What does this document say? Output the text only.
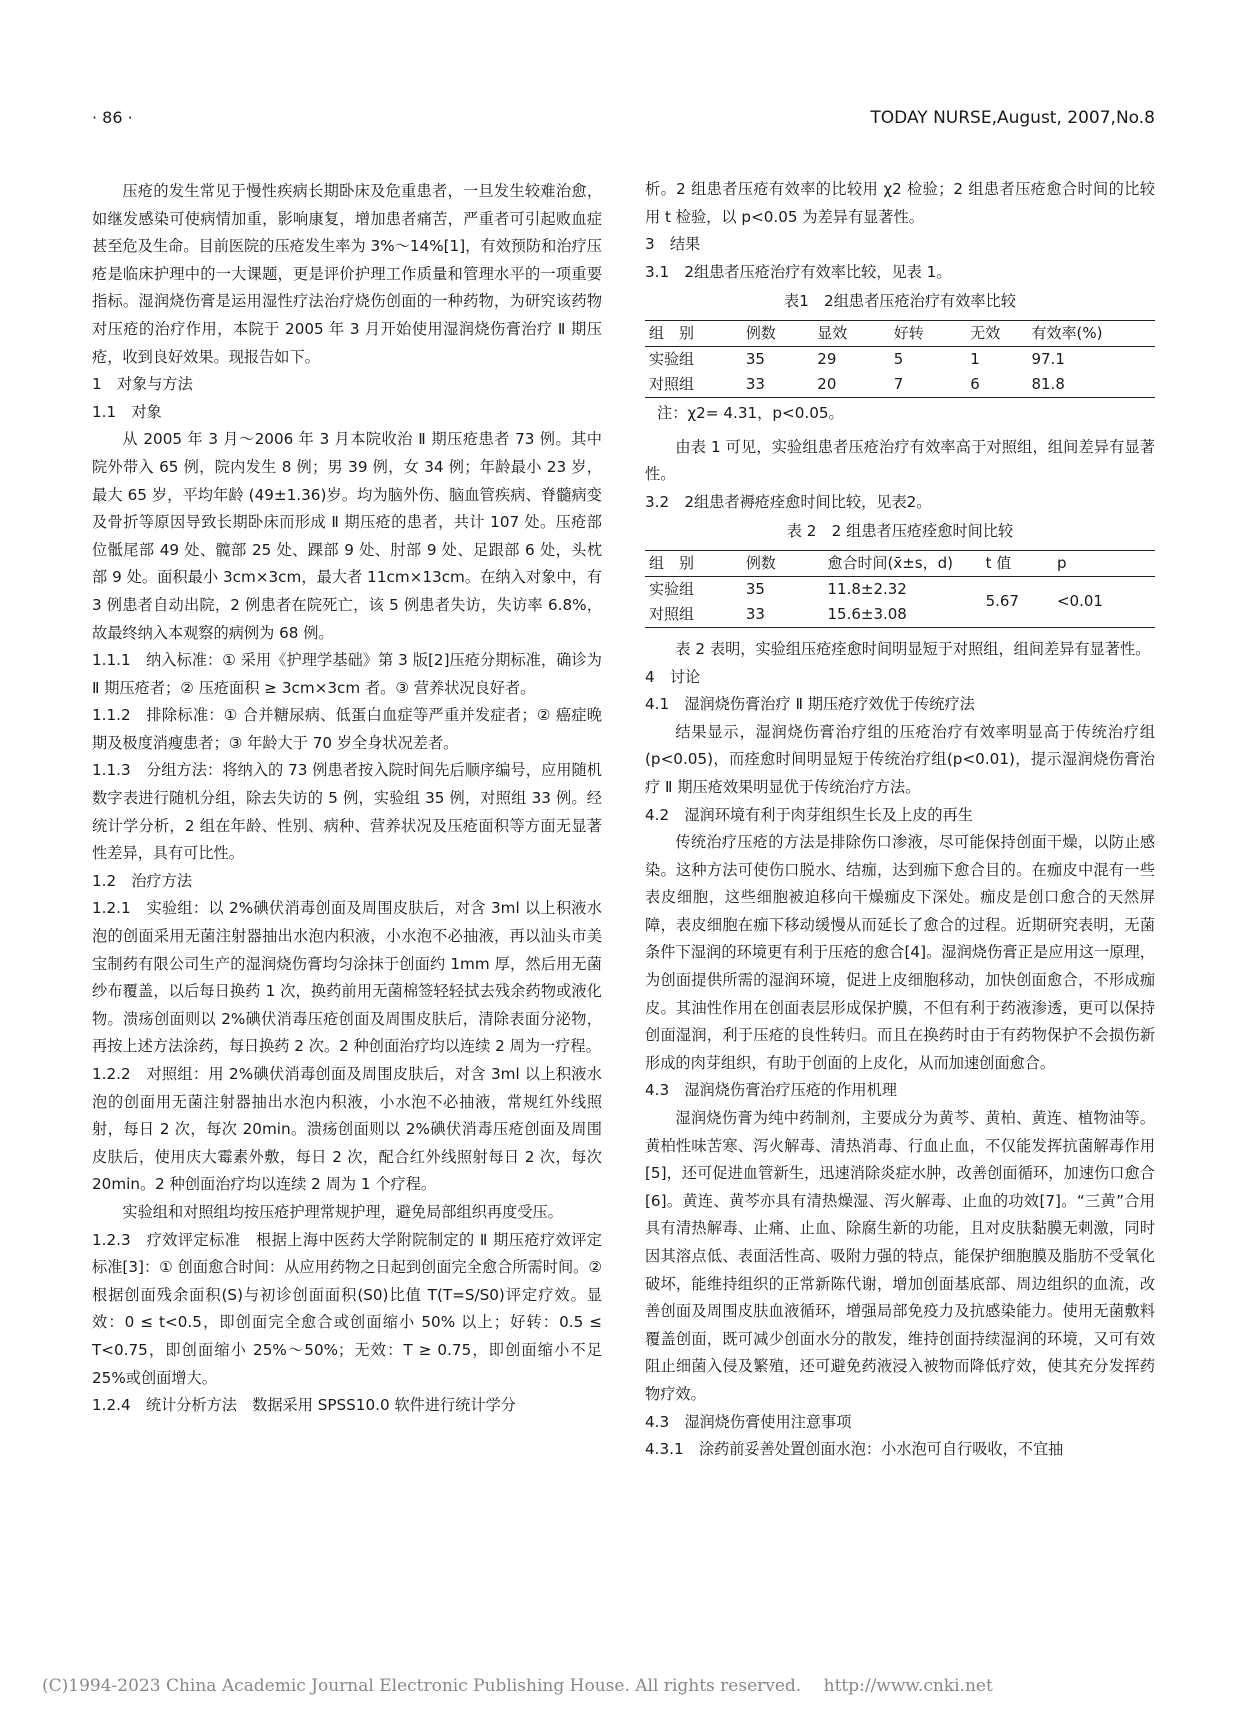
· 86 ·	TODAY NURSE,August, 2007,No.8

压疮的发生常见于慢性疾病长期卧床及危重患者，一旦发生较难治愈，如继发感染可使病情加重，影响康复，增加患者痛苦，严重者可引起败血症甚至危及生命。目前医院的压疮发生率为 3%～14%[1]，有效预防和治疗压疮是临床护理中的一大课题，更是评价护理工作质量和管理水平的一项重要指标。湿润烧伤膏是运用湿性疗法治疗烧伤创面的一种药物，为研究该药物对压疮的治疗作用，本院于 2005 年 3 月开始使用湿润烧伤膏治疗 Ⅱ 期压疮，收到良好效果。现报告如下。

1　对象与方法

1.1　对象

从 2005 年 3 月～2006 年 3 月本院收治 Ⅱ 期压疮患者 73 例。其中院外带入 65 例，院内发生 8 例；男 39 例，女 34 例；年龄最小 23 岁，最大 65 岁，平均年龄 (49±1.36)岁。均为脑外伤、脑血管疾病、脊髓病变及骨折等原因导致长期卧床而形成 Ⅱ 期压疮的患者，共计 107 处。压疮部位骶尾部 49 处、髋部 25 处、踝部 9 处、肘部 9 处、足跟部 6 处，头枕部 9 处。面积最小 3cm×3cm，最大者 11cm×13cm。在纳入对象中，有 3 例患者自动出院，2 例患者在院死亡，该 5 例患者失访，失访率 6.8%，故最终纳入本观察的病例为 68 例。

1.1.1　纳入标准：① 采用《护理学基础》第 3 版[2]压疮分期标准，确诊为 Ⅱ 期压疮者；② 压疮面积 ≥ 3cm×3cm 者。③ 营养状况良好者。

1.1.2　排除标准：① 合并糖尿病、低蛋白血症等严重并发症者；② 癌症晚期及极度消瘦患者；③ 年龄大于 70 岁全身状况差者。

1.1.3　分组方法：将纳入的 73 例患者按入院时间先后顺序编号，应用随机数字表进行随机分组，除去失访的 5 例，实验组 35 例，对照组 33 例。经统计学分析，2 组在年龄、性别、病种、营养状况及压疮面积等方面无显著性差异，具有可比性。

1.2　治疗方法

1.2.1　实验组：以 2%碘伏消毒创面及周围皮肤后，对含 3ml 以上积液水泡的创面采用无菌注射器抽出水泡内积液，小水泡不必抽液，再以汕头市美宝制药有限公司生产的湿润烧伤膏均匀涂抹于创面约 1mm 厚，然后用无菌纱布覆盖，以后每日换药 1 次，换药前用无菌棉签轻轻拭去残余药物或液化物。溃疡创面则以 2%碘伏消毒压疮创面及周围皮肤后，清除表面分泌物，再按上述方法涂药，每日换药 2 次。2 种创面治疗均以连续 2 周为一疗程。

1.2.2　对照组：用 2%碘伏消毒创面及周围皮肤后，对含 3ml 以上积液水泡的创面用无菌注射器抽出水泡内积液，小水泡不必抽液，常规红外线照射，每日 2 次，每次 20min。溃疡创面则以 2%碘伏消毒压疮创面及周围皮肤后，使用庆大霉素外敷，每日 2 次，配合红外线照射每日 2 次，每次 20min。2 种创面治疗均以连续 2 周为 1 个疗程。

实验组和对照组均按压疮护理常规护理，避免局部组织再度受压。

1.2.3　疗效评定标准　根据上海中医药大学附院制定的 Ⅱ 期压疮疗效评定标准[3]：① 创面愈合时间：从应用药物之日起到创面完全愈合所需时间。② 根据创面残余面积(S)与初诊创面面积(S0)比值 T(T=S/S0)评定疗效。显效：0 ≤ t<0.5，即创面完全愈合或创面缩小 50% 以上；好转：0.5 ≤ T<0.75，即创面缩小 25%～50%；无效：T ≥ 0.75，即创面缩小不足 25%或创面增大。

1.2.4　统计分析方法　数据采用 SPSS10.0 软件进行统计学分

析。2 组患者压疮有效率的比较用 χ2 检验；2 组患者压疮愈合时间的比较用 t 检验，以 p<0.05 为差异有显著性。

3　结果

3.1　2组患者压疮治疗有效率比较，见表 1。

表1　2组患者压疮治疗有效率比较
组　别	例数	显效	好转	无效	有效率(%)
实验组	35	29	5	1	97.1
对照组	33	20	7	6	81.8
注：χ2= 4.31，p<0.05。

由表 1 可见，实验组患者压疮治疗有效率高于对照组，组间差异有显著性。

3.2　2组患者褥疮痊愈时间比较，见表2。

表 2　2 组患者压疮痊愈时间比较
组　别	例数	愈合时间(x̄±s，d)	t 值	p
实验组	35	11.8±2.32	5.67	<0.01
对照组	33	15.6±3.08		

表 2 表明，实验组压疮痊愈时间明显短于对照组，组间差异有显著性。

4　讨论

4.1　湿润烧伤膏治疗 Ⅱ 期压疮疗效优于传统疗法

结果显示，湿润烧伤膏治疗组的压疮治疗有效率明显高于传统治疗组(p<0.05)，而痊愈时间明显短于传统治疗组(p<0.01)，提示湿润烧伤膏治疗 Ⅱ 期压疮效果明显优于传统治疗方法。

4.2　湿润环境有利于肉芽组织生长及上皮的再生

传统治疗压疮的方法是排除伤口渗液，尽可能保持创面干燥，以防止感染。这种方法可使伤口脱水、结痂，达到痂下愈合目的。在痂皮中混有一些表皮细胞，这些细胞被迫移向干燥痂皮下深处。痂皮是创口愈合的天然屏障，表皮细胞在痂下移动缓慢从而延长了愈合的过程。近期研究表明，无菌条件下湿润的环境更有利于压疮的愈合[4]。湿润烧伤膏正是应用这一原理，为创面提供所需的湿润环境，促进上皮细胞移动，加快创面愈合，不形成痂皮。其油性作用在创面表层形成保护膜，不但有利于药液渗透，更可以保持创面湿润，利于压疮的良性转归。而且在换药时由于有药物保护不会损伤新形成的肉芽组织，有助于创面的上皮化，从而加速创面愈合。

4.3　湿润烧伤膏治疗压疮的作用机理

湿润烧伤膏为纯中药制剂，主要成分为黄芩、黄柏、黄连、植物油等。黄柏性味苦寒、泻火解毒、清热消毒、行血止血，不仅能发挥抗菌解毒作用[5]，还可促进血管新生，迅速消除炎症水肿，改善创面循环，加速伤口愈合[6]。黄连、黄芩亦具有清热燥湿、泻火解毒、止血的功效[7]。“三黄”合用具有清热解毒、止痛、止血、除腐生新的功能，且对皮肤黏膜无刺激，同时因其溶点低、表面活性高、吸附力强的特点，能保护细胞膜及脂肪不受氧化破坏，能维持组织的正常新陈代谢，增加创面基底部、周边组织的血流，改善创面及周围皮肤血液循环，增强局部免疫力及抗感染能力。使用无菌敷料覆盖创面，既可减少创面水分的散发，维持创面持续湿润的环境，又可有效阻止细菌入侵及繁殖，还可避免药液浸入被物而降低疗效，使其充分发挥药物疗效。

4.3　湿润烧伤膏使用注意事项

4.3.1　涂药前妥善处置创面水泡：小水泡可自行吸收，不宜抽

(C)1994-2023 China Academic Journal Electronic Publishing House. All rights reserved.　 http://www.cnki.net
